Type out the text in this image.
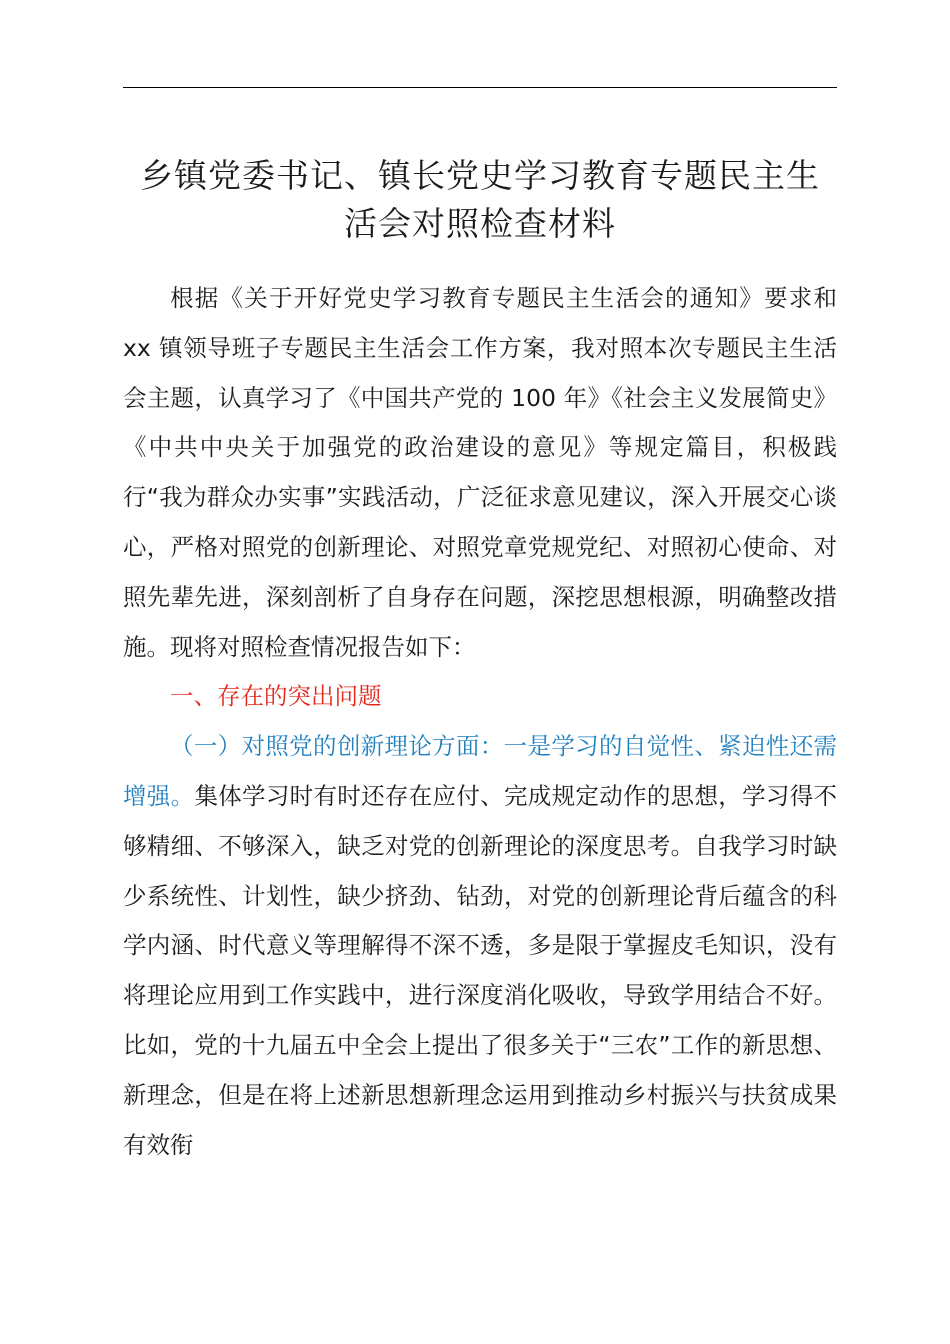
乡镇党委书记、镇长党史学习教育专题民主生
活会对照检查材料

根据《关于开好党史学习教育专题民主生活会的通知》要求和 xx 镇领导班子专题民主生活会工作方案，我对照本次专题民主生活会主题，认真学习了《中国共产党的 100 年》《社会主义发展简史》《中共中央关于加强党的政治建设的意见》等规定篇目，积极践行“我为群众办实事”实践活动，广泛征求意见建议，深入开展交心谈心，严格对照党的创新理论、对照党章党规党纪、对照初心使命、对照先辈先进，深刻剖析了自身存在问题，深挖思想根源，明确整改措施。现将对照检查情况报告如下：

一、存在的突出问题

（一）对照党的创新理论方面：一是学习的自觉性、紧迫性还需增强。集体学习时有时还存在应付、完成规定动作的思想，学习得不够精细、不够深入，缺乏对党的创新理论的深度思考。自我学习时缺少系统性、计划性，缺少挤劲、钻劲，对党的创新理论背后蕴含的科学内涵、时代意义等理解得不深不透，多是限于掌握皮毛知识，没有将理论应用到工作实践中，进行深度消化吸收，导致学用结合不好。比如，党的十九届五中全会上提出了很多关于“三农”工作的新思想、新理念，但是在将上述新思想新理念运用到推动乡村振兴与扶贫成果有效衔
